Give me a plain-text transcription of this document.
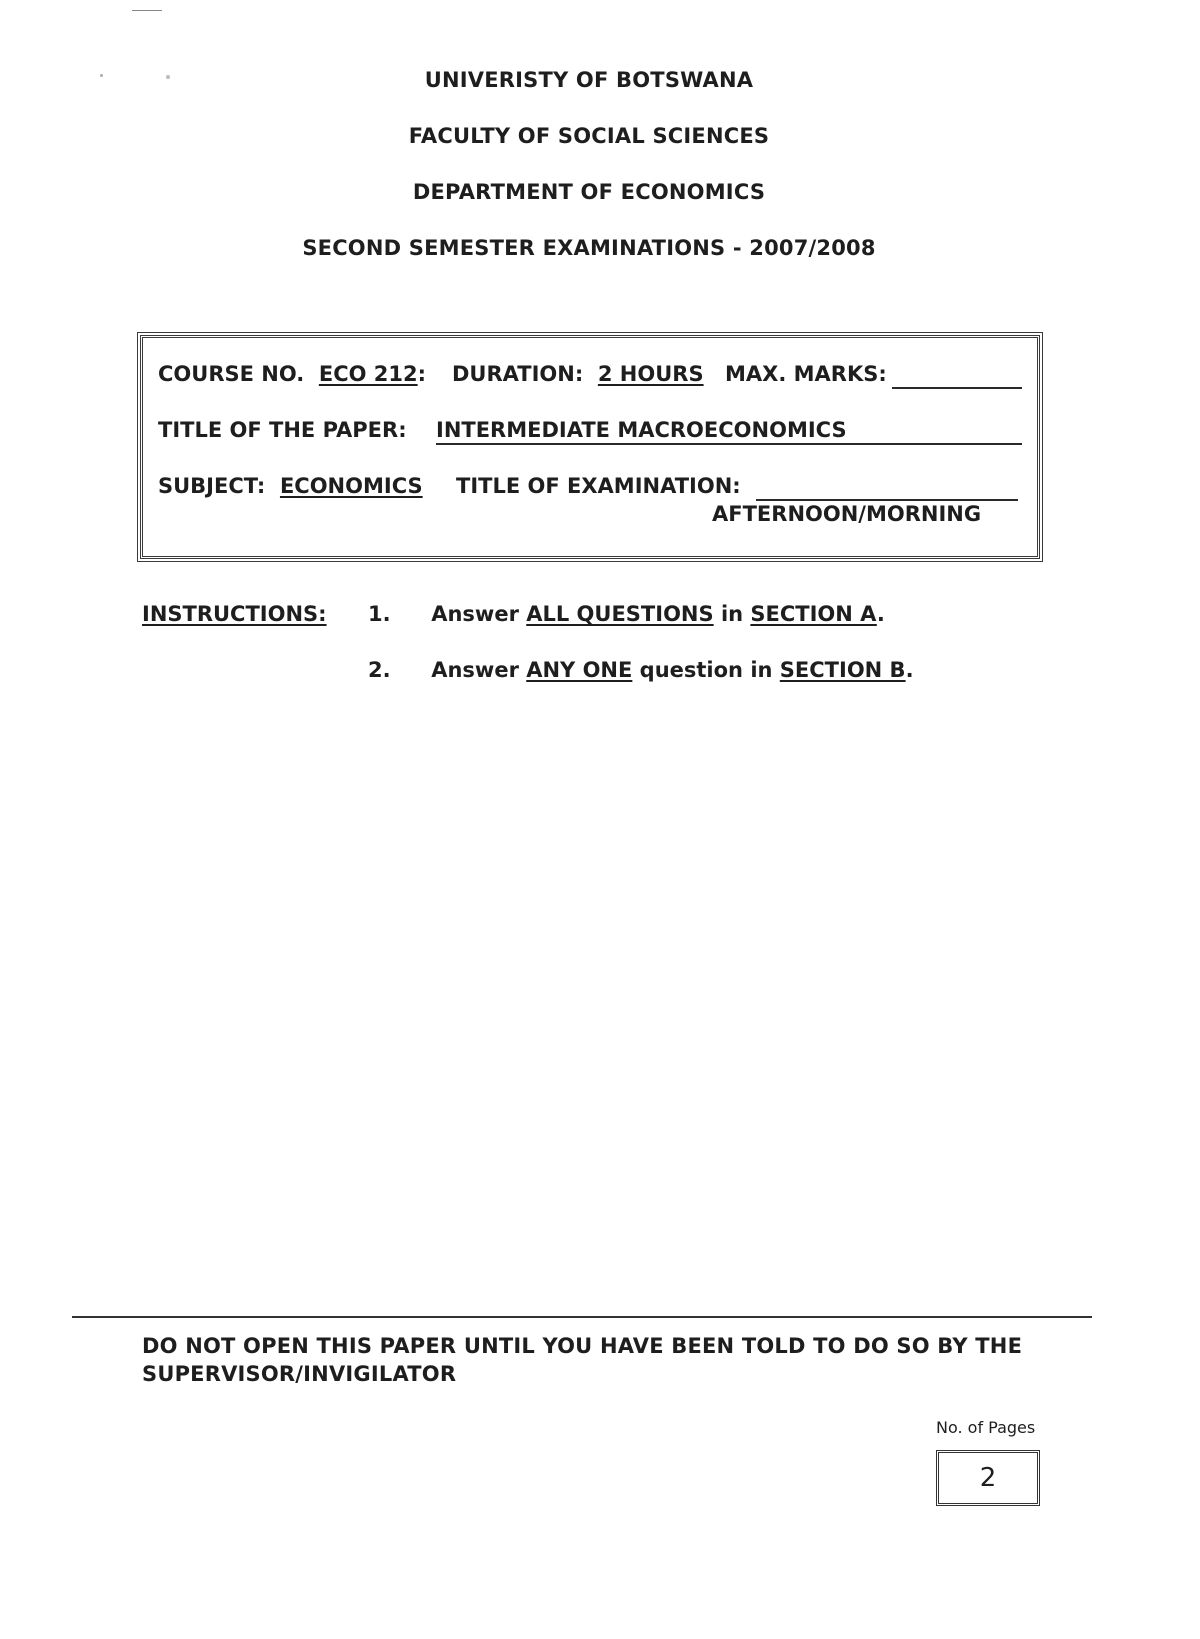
UNIVERISTY OF BOTSWANA
FACULTY OF SOCIAL SCIENCES
DEPARTMENT OF ECONOMICS
SECOND SEMESTER EXAMINATIONS - 2007/2008
COURSE NO. ECO 212: DURATION: 2 HOURS MAX. MARKS:
TITLE OF THE PAPER: INTERMEDIATE MACROECONOMICS
SUBJECT: ECONOMICS TITLE OF EXAMINATION:
AFTERNOON/MORNING
INSTRUCTIONS: 1. Answer ALL QUESTIONS in SECTION A.
2. Answer ANY ONE question in SECTION B.
DO NOT OPEN THIS PAPER UNTIL YOU HAVE BEEN TOLD TO DO SO BY THE SUPERVISOR/INVIGILATOR
No. of Pages
2
